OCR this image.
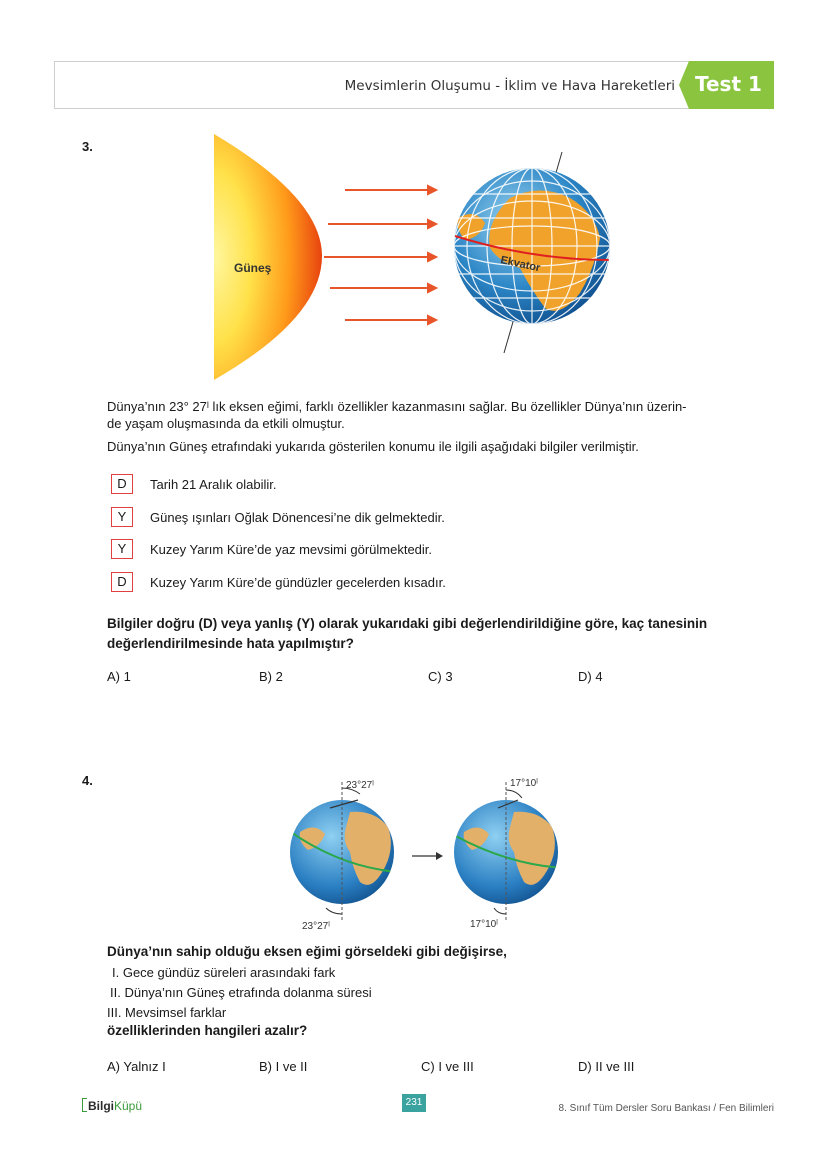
Mevsimlerin Oluşumu - İklim ve Hava Hareketleri Test 1
3.
Güneş	Ekvator
Dünya’nın 23° 27ˡ lık eksen eğimi, farklı özellikler kazanmasını sağlar. Bu özellikler Dünya’nın üzerin-
de yaşam oluşmasında da etkili olmuştur.
Dünya’nın Güneş etrafındaki yukarıda gösterilen konumu ile ilgili aşağıdaki bilgiler verilmiştir.
D	Tarih 21 Aralık olabilir.
Y	Güneş ışınları Oğlak Dönencesi’ne dik gelmektedir.
Y	Kuzey Yarım Küre’de yaz mevsimi görülmektedir.
D	Kuzey Yarım Küre’de gündüzler gecelerden kısadır.
Bilgiler doğru (D) veya yanlış (Y) olarak yukarıdaki gibi değerlendirildiğine göre, kaç tanesinin
değerlendirilmesinde hata yapılmıştır?
A) 1	B) 2	C) 3	D) 4
4.	23°27ˡ
23°27ˡ
17°10ˡ
17°10ˡ
Dünya’nın sahip olduğu eksen eğimi görseldeki gibi değişirse,
I. Gece gündüz süreleri arasındaki fark
II. Dünya’nın Güneş etrafında dolanma süresi
III. Mevsimsel farklar
özelliklerinden hangileri azalır?
A) Yalnız I	B) I ve II	C) I ve III	D) II ve III
BilgiKüpü	231
8. Sınıf Tüm Dersler Soru Bankası / Fen Bilimleri
